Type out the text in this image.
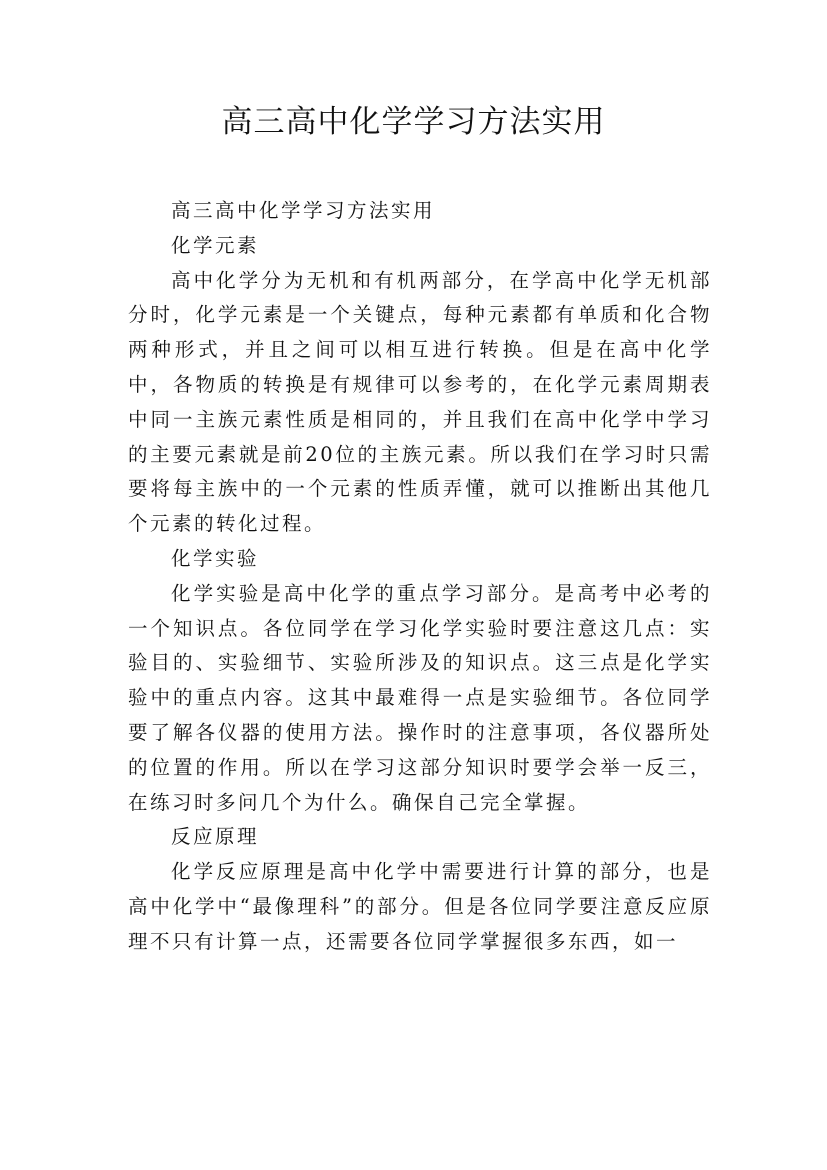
高三高中化学学习方法实用

高三高中化学学习方法实用

化学元素

高中化学分为无机和有机两部分，在学高中化学无机部分时，化学元素是一个关键点，每种元素都有单质和化合物两种形式，并且之间可以相互进行转换。但是在高中化学中，各物质的转换是有规律可以参考的，在化学元素周期表中同一主族元素性质是相同的，并且我们在高中化学中学习的主要元素就是前20位的主族元素。所以我们在学习时只需要将每主族中的一个元素的性质弄懂，就可以推断出其他几个元素的转化过程。

化学实验

化学实验是高中化学的重点学习部分。是高考中必考的一个知识点。各位同学在学习化学实验时要注意这几点：实验目的、实验细节、实验所涉及的知识点。这三点是化学实验中的重点内容。这其中最难得一点是实验细节。各位同学要了解各仪器的使用方法。操作时的注意事项，各仪器所处的位置的作用。所以在学习这部分知识时要学会举一反三，在练习时多问几个为什么。确保自己完全掌握。

反应原理

化学反应原理是高中化学中需要进行计算的部分，也是高中化学中“最像理科”的部分。但是各位同学要注意反应原理不只有计算一点，还需要各位同学掌握很多东西，如一
